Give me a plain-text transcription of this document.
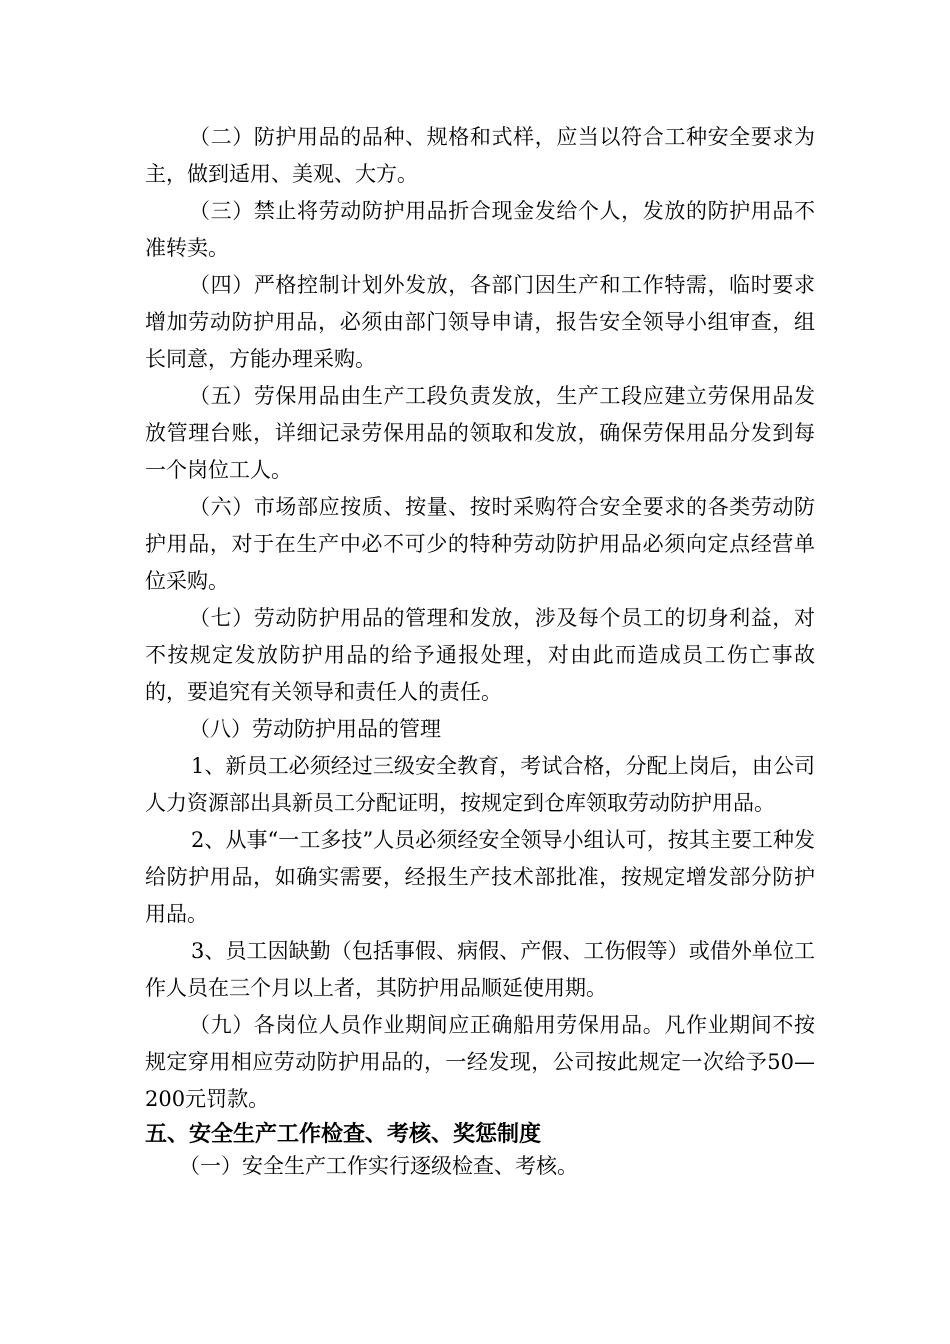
（二）防护用品的品种、规格和式样，应当以符合工种安全要求为主，做到适用、美观、大方。

（三）禁止将劳动防护用品折合现金发给个人，发放的防护用品不准转卖。

（四）严格控制计划外发放，各部门因生产和工作特需，临时要求增加劳动防护用品，必须由部门领导申请，报告安全领导小组审查，组长同意，方能办理采购。

（五）劳保用品由生产工段负责发放，生产工段应建立劳保用品发放管理台账，详细记录劳保用品的领取和发放，确保劳保用品分发到每一个岗位工人。

（六）市场部应按质、按量、按时采购符合安全要求的各类劳动防护用品，对于在生产中必不可少的特种劳动防护用品必须向定点经营单位采购。

（七）劳动防护用品的管理和发放，涉及每个员工的切身利益，对不按规定发放防护用品的给予通报处理，对由此而造成员工伤亡事故的，要追究有关领导和责任人的责任。

（八）劳动防护用品的管理

1、新员工必须经过三级安全教育，考试合格，分配上岗后，由公司人力资源部出具新员工分配证明，按规定到仓库领取劳动防护用品。

2、从事“一工多技”人员必须经安全领导小组认可，按其主要工种发给防护用品，如确实需要，经报生产技术部批准，按规定增发部分防护用品。

3、员工因缺勤（包括事假、病假、产假、工伤假等）或借外单位工作人员在三个月以上者，其防护用品顺延使用期。

（九）各岗位人员作业期间应正确船用劳保用品。凡作业期间不按规定穿用相应劳动防护用品的，一经发现，公司按此规定一次给予50—200元罚款。

五、安全生产工作检查、考核、奖惩制度

（一）安全生产工作实行逐级检查、考核。
